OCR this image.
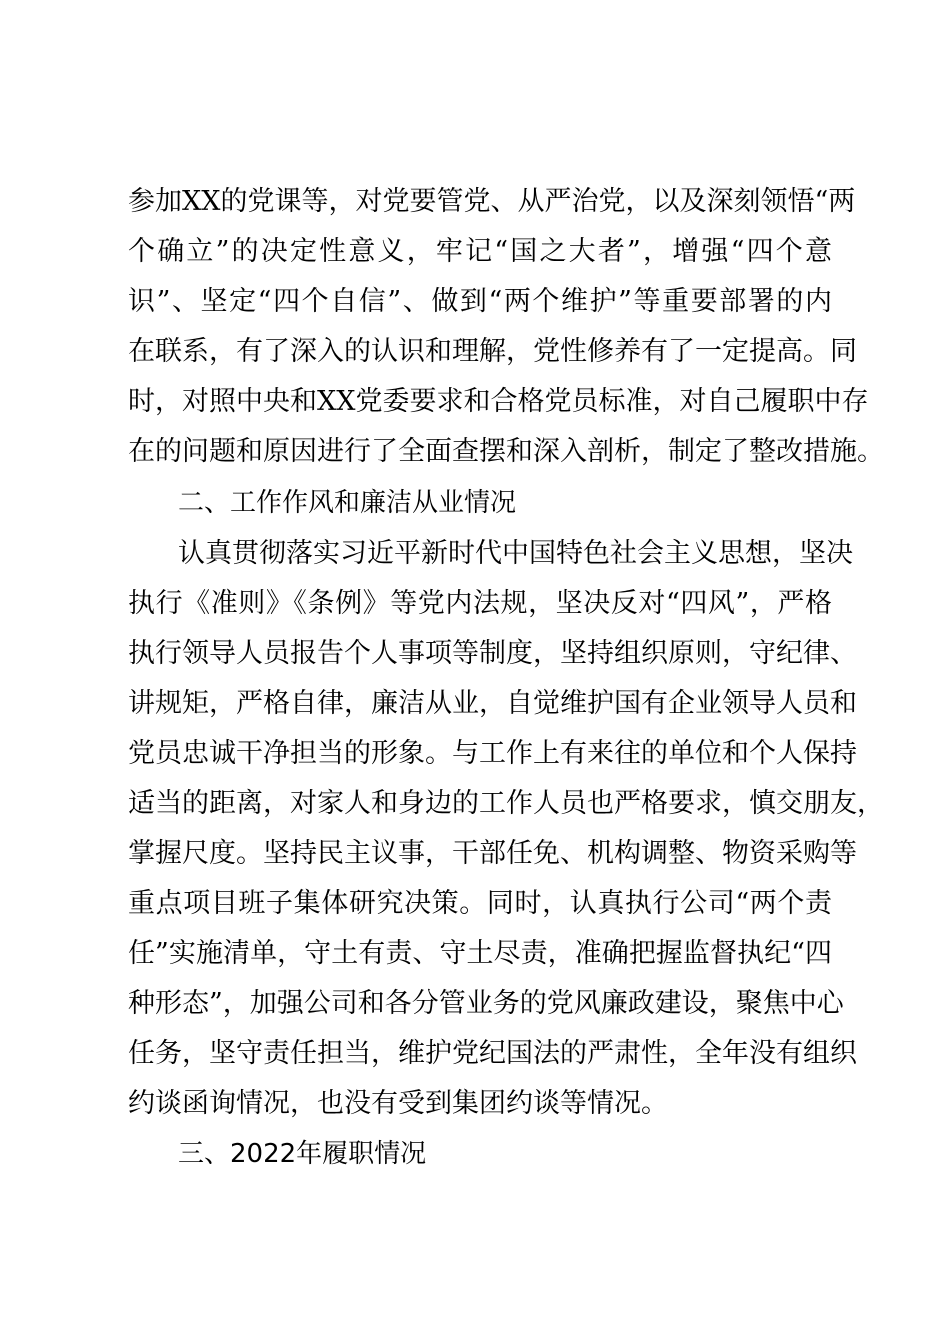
参加XX的党课等，对党要管党、从严治党，以及深刻领悟“两
个确立”的决定性意义，牢记“国之大者”，增强“四个意
识”、坚定“四个自信”、做到“两个维护”等重要部署的内
在联系，有了深入的认识和理解，党性修养有了一定提高。同
时，对照中央和XX党委要求和合格党员标准，对自己履职中存
在的问题和原因进行了全面查摆和深入剖析，制定了整改措施。
二、工作作风和廉洁从业情况
认真贯彻落实习近平新时代中国特色社会主义思想，坚决
执行《准则》《条例》等党内法规，坚决反对“四风”，严格
执行领导人员报告个人事项等制度，坚持组织原则，守纪律、
讲规矩，严格自律，廉洁从业，自觉维护国有企业领导人员和
党员忠诚干净担当的形象。与工作上有来往的单位和个人保持
适当的距离，对家人和身边的工作人员也严格要求，慎交朋友，
掌握尺度。坚持民主议事，干部任免、机构调整、物资采购等
重点项目班子集体研究决策。同时，认真执行公司“两个责
任”实施清单，守土有责、守土尽责，准确把握监督执纪“四
种形态”，加强公司和各分管业务的党风廉政建设，聚焦中心
任务，坚守责任担当，维护党纪国法的严肃性，全年没有组织
约谈函询情况，也没有受到集团约谈等情况。
三、2022年履职情况
